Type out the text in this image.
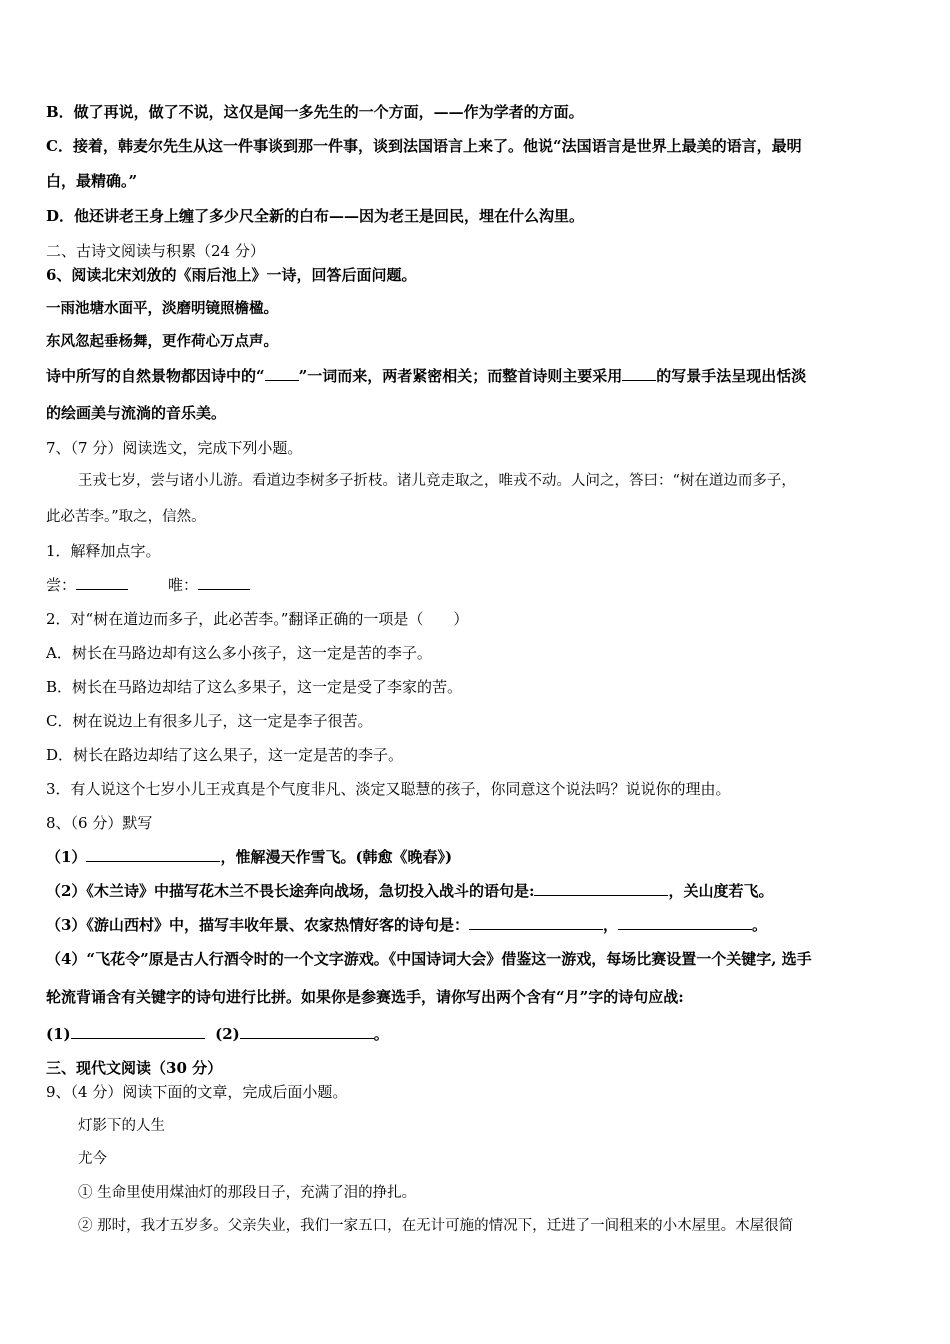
B．做了再说，做了不说，这仅是闻一多先生的一个方面，——作为学者的方面。
C．接着，韩麦尔先生从这一件事谈到那一件事，谈到法国语言上来了。他说“法国语言是世界上最美的语言，最明
白，最精确。”
D．他还讲老王身上缠了多少尺全新的白布——因为老王是回民，埋在什么沟里。
二、古诗文阅读与积累（24 分）
6、阅读北宋刘攽的《雨后池上》一诗，回答后面问题。
一雨池塘水面平，淡磨明镜照檐楹。
东风忽起垂杨舞，更作荷心万点声。
诗中所写的自然景物都因诗中的“ ”一词而来，两者紧密相关；而整首诗则主要采用 的写景手法呈现出恬淡
的绘画美与流淌的音乐美。
7、（7 分）阅读选文，完成下列小题。
王戎七岁，尝与诸小儿游。看道边李树多子折枝。诸儿竞走取之，唯戎不动。人问之，答曰：“树在道边而多子，
此必苦李。”取之，信然。
1．解释加点字。
尝：	唯：
2．对“树在道边而多子，此必苦李。”翻译正确的一项是（　　）
A．树长在马路边却有这么多小孩子，这一定是苦的李子。
B．树长在马路边却结了这么多果子，这一定是受了李家的苦。
C．树在说边上有很多儿子，这一定是李子很苦。
D．树长在路边却结了这么果子，这一定是苦的李子。
3．有人说这个七岁小儿王戎真是个气度非凡、淡定又聪慧的孩子，你同意这个说法吗？说说你的理由。
8、（6 分）默写
（1）	，惟解漫天作雪飞。(韩愈《晚春》)
（2）《木兰诗》中描写花木兰不畏长途奔向战场，急切投入战斗的语句是:	，关山度若飞。
（3）《游山西村》中，描写丰收年景、农家热情好客的诗句是：	，	。
（4）“飞花令”原是古人行酒令时的一个文字游戏。《中国诗词大会》借鉴这一游戏，每场比赛设置一个关键字, 选手
轮流背诵含有关键字的诗句进行比拼。如果你是参赛选手，请你写出两个含有“月”字的诗句应战:
(1)	(2)	。
三、现代文阅读（30 分）
9、（4 分）阅读下面的文章，完成后面小题。
灯影下的人生
尤今
① 生命里使用煤油灯的那段日子，充满了泪的挣扎。
② 那时，我才五岁多。父亲失业，我们一家五口，在无计可施的情况下，迁进了一间租来的小木屋里。木屋很简
